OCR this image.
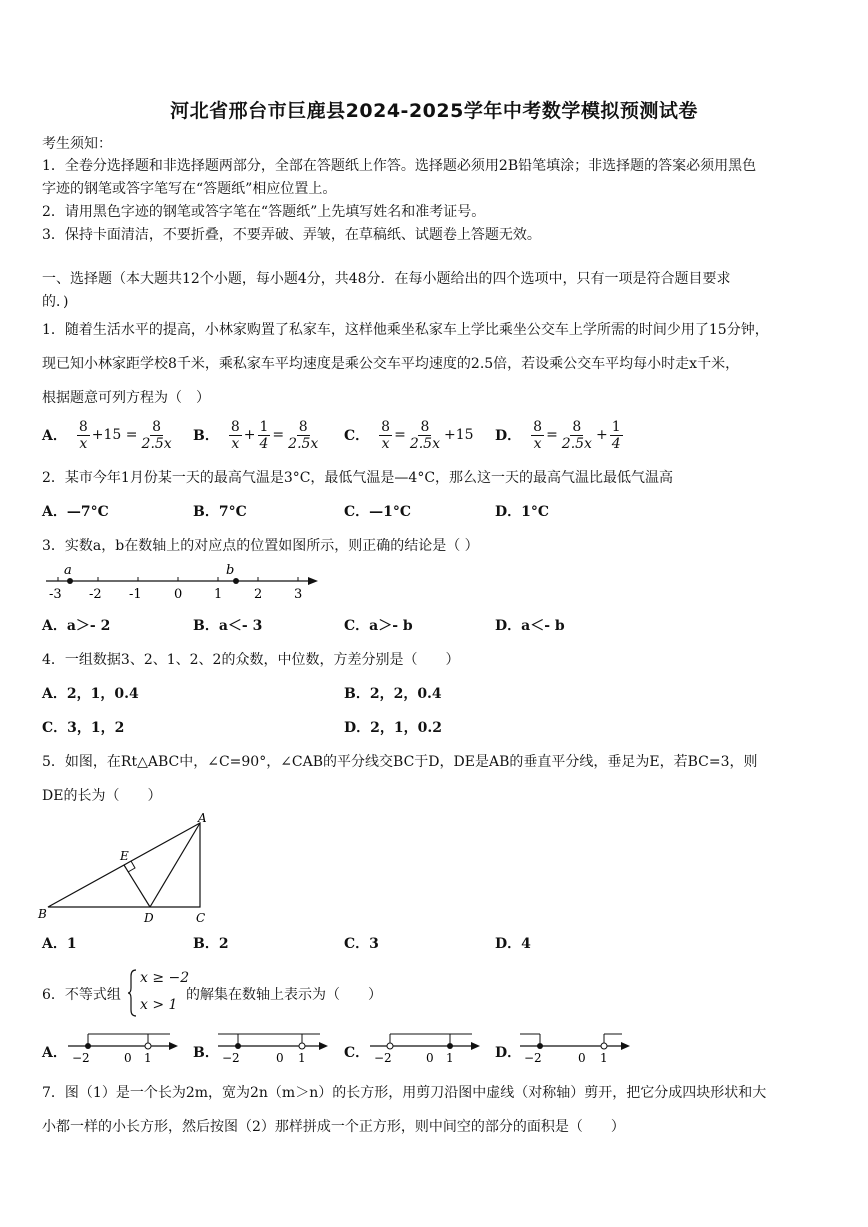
河北省邢台市巨鹿县2024-2025学年中考数学模拟预测试卷
考生须知：
1．全卷分选择题和非选择题两部分，全部在答题纸上作答。选择题必须用2B铅笔填涂；非选择题的答案必须用黑色
字迹的钢笔或答字笔写在“答题纸”相应位置上。
2．请用黑色字迹的钢笔或答字笔在“答题纸”上先填写姓名和准考证号。
3．保持卡面清洁，不要折叠，不要弄破、弄皱，在草稿纸、试题卷上答题无效。
一、选择题（本大题共12个小题，每小题4分，共48分．在每小题给出的四个选项中，只有一项是符合题目要求
的．)
1．随着生活水平的提高，小林家购置了私家车，这样他乘坐私家车上学比乘坐公交车上学所需的时间少用了15分钟，
现已知小林家距学校8千米，乘私家车平均速度是乘公交车平均速度的2.5倍，若设乘公交车平均每小时走x千米，
根据题意可列方程为（　）
A． $\frac{8}{x} +15 = \frac{8}{2.5x}$ B． $\frac{8}{x} + \frac{1}{4} = \frac{8}{2.5x}$ C． $\frac{8}{x} = \frac{8}{2.5x} +15$ D． $\frac{8}{x} = \frac{8}{2.5x} + \frac{1}{4}$
2．某市今年1月份某一天的最高气温是3°C，最低气温是—4°C，那么这一天的最高气温比最低气温高
A．—7°C	B．7°C	C．—1°C	D．1°C
3．实数a，b在数轴上的对应点的位置如图所示，则正确的结论是（ ）
-3 -2 -1 0 1 2 3
a	b
A．a＞- 2	B．a＜- 3	C．a＞- b	D．a＜- b
4．一组数据3、2、1、2、2的众数，中位数，方差分别是（　　）
A．2，1，0.4	B．2，2，0.4
C．3，1，2	D．2，1，0.2
5．如图，在Rt△ABC中，∠C=90°，∠CAB的平分线交BC于D，DE是AB的垂直平分线，垂足为E，若BC=3，则
DE的长为（　　）
A
B	C
D
E
A．1	B．2	C．3	D．4
6．不等式组
x ≥ −2
x > 1
的解集在数轴上表示为（　　）
A．	B．	C．	D．
−2	0 1	−2	0 1	−2	0 1	−2	0 1
7．图（1）是一个长为2m，宽为2n（m＞n）的长方形，用剪刀沿图中虚线（对称轴）剪开，把它分成四块形状和大
小都一样的小长方形，然后按图（2）那样拼成一个正方形，则中间空的部分的面积是（　　）
